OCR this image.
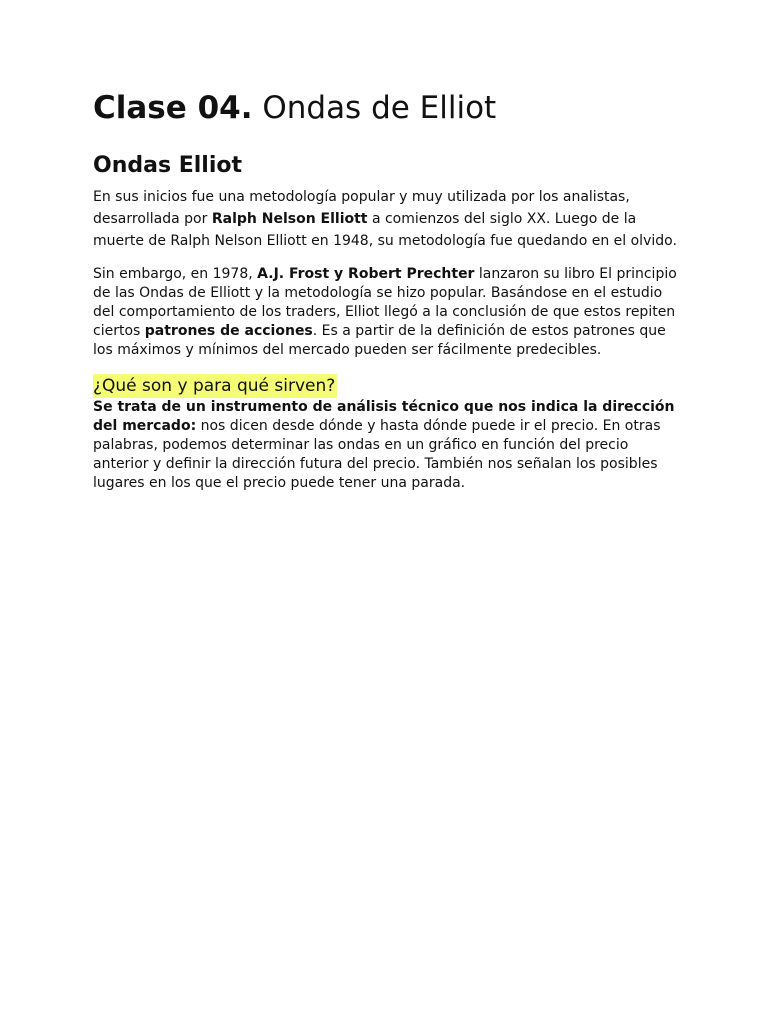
Clase 04. Ondas de Elliot
Ondas Elliot

En sus inicios fue una metodología popular y muy utilizada por los analistas, desarrollada por Ralph Nelson Elliott a comienzos del siglo XX. Luego de la muerte de Ralph Nelson Elliott en 1948, su metodología fue quedando en el olvido.

Sin embargo, en 1978, A.J. Frost y Robert Prechter lanzaron su libro El principio de las Ondas de Elliott y la metodología se hizo popular. Basándose en el estudio del comportamiento de los traders, Elliot llegó a la conclusión de que estos repiten ciertos patrones de acciones. Es a partir de la definición de estos patrones que los máximos y mínimos del mercado pueden ser fácilmente predecibles.

¿Qué son y para qué sirven?

Se trata de un instrumento de análisis técnico que nos indica la dirección del mercado: nos dicen desde dónde y hasta dónde puede ir el precio. En otras palabras, podemos determinar las ondas en un gráfico en función del precio anterior y definir la dirección futura del precio. También nos señalan los posibles lugares en los que el precio puede tener una parada.
